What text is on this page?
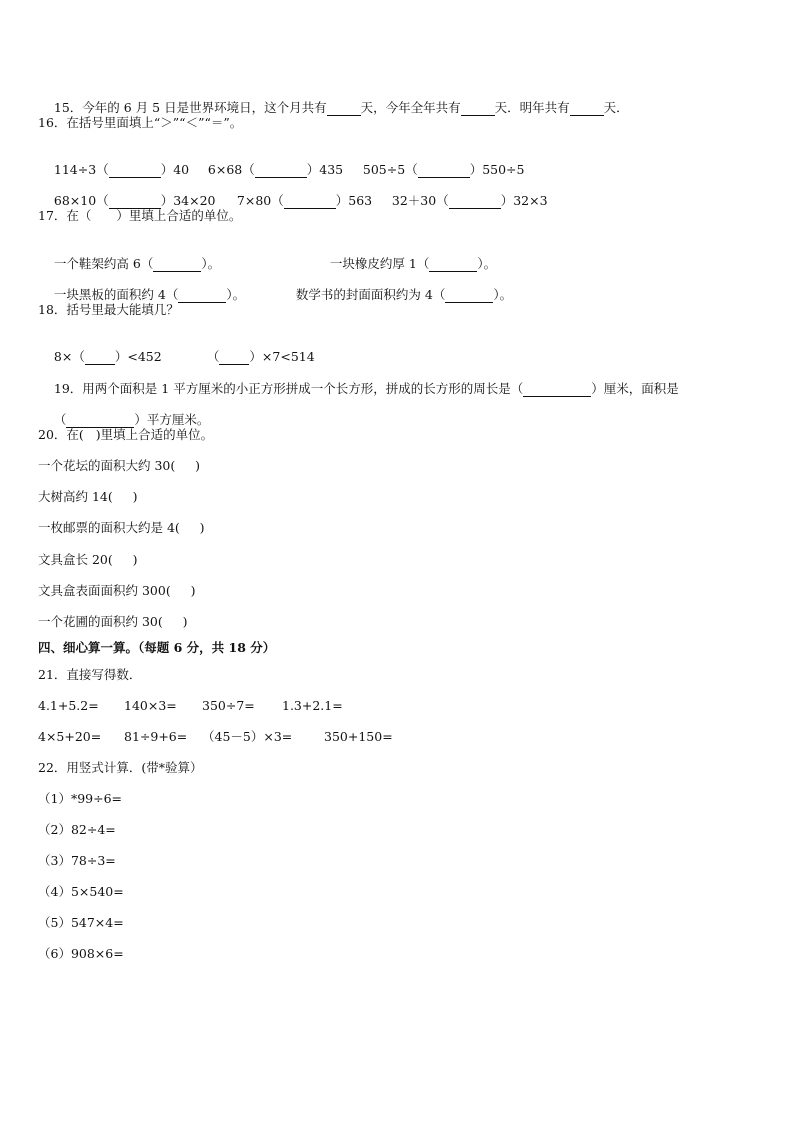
15．今年的 6 月 5 日是世界环境日，这个月共有	天，今年全年共有	天．明年共有	天．

16．在括号里面填上“＞”“＜”“＝”。

114÷3（	）40
	6×68（	）435
	505÷5（	）550÷5

68×10（	）34×20
	7×80（	）563
	32＋30（	）32×3

17．在（　　）里填上合适的单位。

一个鞋架约高 6（	）。
	一块橡皮约厚 1（	）。

一块黑板的面积约 4（	）。
	数学书的封面面积约为 4（	）。

18．括号里最大能填几？

8×（ ）<452
	（ ）×7<514

19．用两个面积是 1 平方厘米的小正方形拼成一个长方形，拼成的长方形的周长是（	）厘米，面积是

（	）平方厘米。

20．在(   )里填上合适的单位。
一个花坛的面积大约 30(     )
大树高约 14(     )
一枚邮票的面积大约是 4(     )
文具盒长 20(     )
文具盒表面面积约 300(     )
一个花圃的面积约 30(     )
四、细心算一算。（每题 6 分，共 18 分）
21．直接写得数．
4.1+5.2= 140×3= 350÷7= 1.3+2.1=
4×5+20= 81÷9+6= （45－5）×3=	350+150=
22．用竖式计算．(带*验算）
（1）*99÷6=
（2）82÷4=
（3）78÷3=
（4）5×540=
（5）547×4=
（6）908×6=
